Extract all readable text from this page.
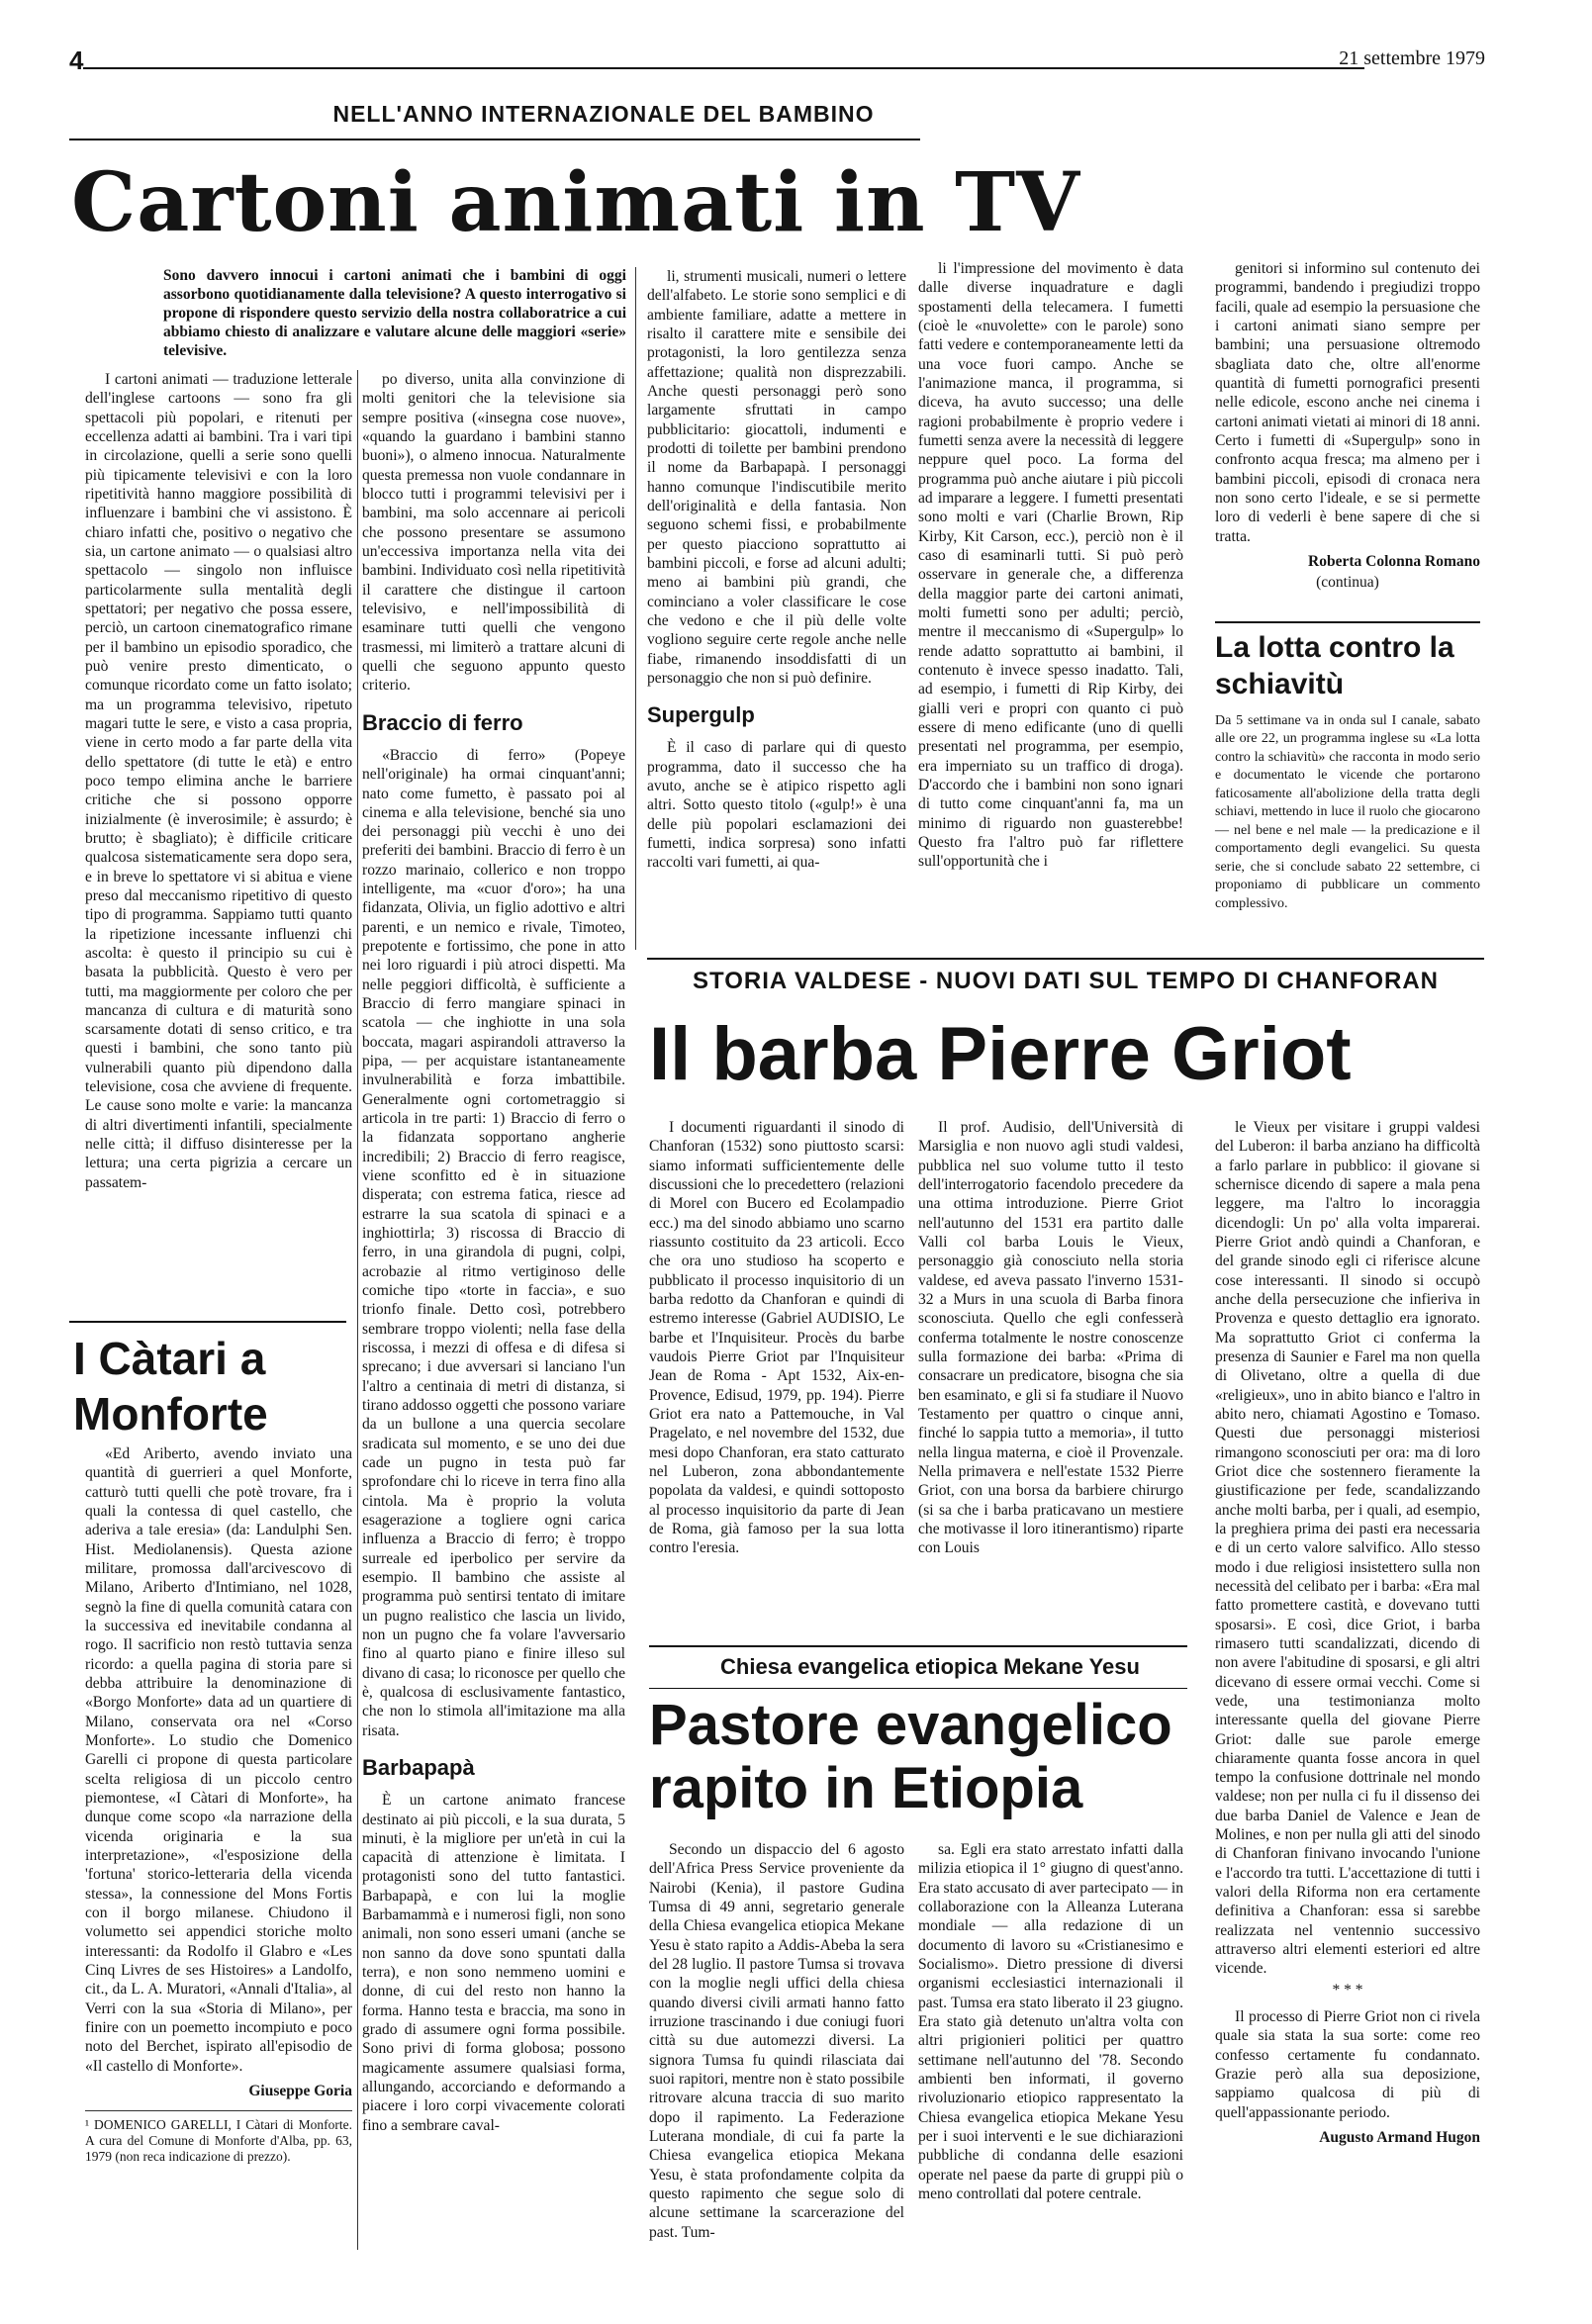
4	21 settembre 1979
NELL'ANNO INTERNAZIONALE DEL BAMBINO
Cartoni animati in TV
Sono davvero innocui i cartoni animati che i bambini di oggi assorbono quotidianamente dalla televisione? A questo interrogativo si propone di rispondere questo servizio della nostra collaboratrice a cui abbiamo chiesto di analizzare e valutare alcune delle maggiori «serie» televisive.

I cartoni animati — traduzione letterale dell'inglese cartoons — sono fra gli spettacoli più popolari, e ritenuti per eccellenza adatti ai bambini. Tra i vari tipi in circolazione, quelli a serie sono quelli più tipicamente televisivi e con la loro ripetitività hanno maggiore possibilità di influenzare i bambini che vi assistono. È chiaro infatti che, positivo o negativo che sia, un cartone animato — o qualsiasi altro spettacolo — singolo non influisce particolarmente sulla mentalità degli spettatori; per negativo che possa essere, perciò, un cartoon cinematografico rimane per il bambino un episodio sporadico, che può venire presto dimenticato, o comunque ricordato come un fatto isolato; ma un programma televisivo, ripetuto magari tutte le sere, e visto a casa propria, viene in certo modo a far parte della vita dello spettatore (di tutte le età) e entro poco tempo elimina anche le barriere critiche che si possono opporre inizialmente (è inverosimile; è assurdo; è brutto; è sbagliato); è difficile criticare qualcosa sistematicamente sera dopo sera, e in breve lo spettatore vi si abitua e viene preso dal meccanismo ripetitivo di questo tipo di programma. Sappiamo tutti quanto la ripetizione incessante influenzi chi ascolta: è questo il principio su cui è basata la pubblicità. Questo è vero per tutti, ma maggiormente per coloro che per mancanza di cultura e di maturità sono scarsamente dotati di senso critico, e tra questi i bambini, che sono tanto più vulnerabili quanto più dipendono dalla televisione, cosa che avviene di frequente. Le cause sono molte e varie: la mancanza di altri divertimenti infantili, specialmente nelle città; il diffuso disinteresse per la lettura; una certa pigrizia a cercare un passatem-

po diverso, unita alla convinzione di molti genitori che la televisione sia sempre positiva («insegna cose nuove», «quando la guardano i bambini stanno buoni»), o almeno innocua. Naturalmente questa premessa non vuole condannare in blocco tutti i programmi televisivi per i bambini, ma solo accennare ai pericoli che possono presentare se assumono un'eccessiva importanza nella vita dei bambini. Individuato così nella ripetitività il carattere che distingue il cartoon televisivo, e nell'impossibilità di esaminare tutti quelli che vengono trasmessi, mi limiterò a trattare alcuni di quelli che seguono appunto questo criterio.

Braccio di ferro

«Braccio di ferro» (Popeye nell'originale) ha ormai cinquant'anni; nato come fumetto, è passato poi al cinema e alla televisione, benché sia uno dei personaggi più vecchi è uno dei preferiti dei bambini. Braccio di ferro è un rozzo marinaio, collerico e non troppo intelligente, ma «cuor d'oro»; ha una fidanzata, Olivia, un figlio adottivo e altri parenti, e un nemico e rivale, Timoteo, prepotente e fortissimo, che pone in atto nei loro riguardi i più atroci dispetti. Ma nelle peggiori difficoltà, è sufficiente a Braccio di ferro mangiare spinaci in scatola — che inghiotte in una sola boccata, magari aspirandoli attraverso la pipa, — per acquistare istantaneamente invulnerabilità e forza imbattibile. Generalmente ogni cortometraggio si articola in tre parti: 1) Braccio di ferro o la fidanzata sopportano angherie incredibili; 2) Braccio di ferro reagisce, viene sconfitto ed è in situazione disperata; con estrema fatica, riesce ad estrarre la sua scatola di spinaci e a inghiottirla; 3) riscossa di Braccio di ferro, in una girandola di pugni, colpi, acrobazie al ritmo vertiginoso delle comiche tipo «torte in faccia», e suo trionfo finale. Detto così, potrebbero sembrare troppo violenti; nella fase della riscossa, i mezzi di offesa e di difesa si sprecano; i due avversari si lanciano l'un l'altro a centinaia di metri di distanza, si tirano addosso oggetti che possono variare da un bullone a una quercia secolare sradicata sul momento, e se uno dei due cade un pugno in testa può far sprofondare chi lo riceve in terra fino alla cintola. Ma è proprio la voluta esagerazione a togliere ogni carica influenza a Braccio di ferro; è troppo surreale ed iperbolico per servire da esempio. Il bambino che assiste al programma può sentirsi tentato di imitare un pugno realistico che lascia un livido, non un pugno che fa volare l'avversario fino al quarto piano e finire illeso sul divano di casa; lo riconosce per quello che è, qualcosa di esclusivamente fantastico, che non lo stimola all'imitazione ma alla risata.

Barbapapà

È un cartone animato francese destinato ai più piccoli, e la sua durata, 5 minuti, è la migliore per un'età in cui la capacità di attenzione è limitata. I protagonisti sono del tutto fantastici. Barbapapà, e con lui la moglie Barbamammà e i numerosi figli, non sono animali, non sono esseri umani (anche se non sanno da dove sono spuntati dalla terra), e non sono nemmeno uomini e donne, di cui del resto non hanno la forma. Hanno testa e braccia, ma sono in grado di assumere ogni forma possibile. Sono privi di forma globosa; possono magicamente assumere qualsiasi forma, allungando, accorciando e deformando a piacere i loro corpi vivacemente colorati fino a sembrare caval-

li, strumenti musicali, numeri o lettere dell'alfabeto. Le storie sono semplici e di ambiente familiare, adatte a mettere in risalto il carattere mite e sensibile dei protagonisti, la loro gentilezza senza affettazione; qualità non disprezzabili. Anche questi personaggi però sono largamente sfruttati in campo pubblicitario: giocattoli, indumenti e prodotti di toilette per bambini prendono il nome da Barbapapà. I personaggi hanno comunque l'indiscutibile merito dell'originalità e della fantasia. Non seguono schemi fissi, e probabilmente per questo piacciono soprattutto ai bambini piccoli, e forse ad alcuni adulti; meno ai bambini più grandi, che cominciano a voler classificare le cose che vedono e che il più delle volte vogliono seguire certe regole anche nelle fiabe, rimanendo insoddisfatti di un personaggio che non si può definire.

Supergulp

È il caso di parlare qui di questo programma, dato il successo che ha avuto, anche se è atipico rispetto agli altri. Sotto questo titolo («gulp!» è una delle più popolari esclamazioni dei fumetti, indica sorpresa) sono infatti raccolti vari fumetti, ai qua-

li l'impressione del movimento è data dalle diverse inquadrature e dagli spostamenti della telecamera. I fumetti (cioè le «nuvolette» con le parole) sono fatti vedere e contemporaneamente letti da una voce fuori campo. Anche se l'animazione manca, il programma, si diceva, ha avuto successo; una delle ragioni probabilmente è proprio vedere i fumetti senza avere la necessità di leggere neppure quel poco. La forma del programma può anche aiutare i più piccoli ad imparare a leggere. I fumetti presentati sono molti e vari (Charlie Brown, Rip Kirby, Kit Carson, ecc.), perciò non è il caso di esaminarli tutti. Si può però osservare in generale che, a differenza della maggior parte dei cartoni animati, molti fumetti sono per adulti; perciò, mentre il meccanismo di «Supergulp» lo rende adatto soprattutto ai bambini, il contenuto è invece spesso inadatto. Tali, ad esempio, i fumetti di Rip Kirby, dei gialli veri e propri con quanto ci può essere di meno edificante (uno di quelli presentati nel programma, per esempio, era imperniato su un traffico di droga). D'accordo che i bambini non sono ignari di tutto come cinquant'anni fa, ma un minimo di riguardo non guasterebbe! Questo fra l'altro può far riflettere sull'opportunità che i

genitori si informino sul contenuto dei programmi, bandendo i pregiudizi troppo facili, quale ad esempio la persuasione che i cartoni animati siano sempre per bambini; una persuasione oltremodo sbagliata dato che, oltre all'enorme quantità di fumetti pornografici presenti nelle edicole, escono anche nei cinema i cartoni animati vietati ai minori di 18 anni. Certo i fumetti di «Supergulp» sono in confronto acqua fresca; ma almeno per i bambini piccoli, episodi di cronaca nera non sono certo l'ideale, e se si permette loro di vederli è bene sapere di che si tratta.

Roberta Colonna Romano
(continua)
La lotta contro la schiavitù
Da 5 settimane va in onda sul I canale, sabato alle ore 22, un programma inglese su «La lotta contro la schiavitù» che racconta in modo serio e documentato le vicende che portarono faticosamente all'abolizione della tratta degli schiavi, mettendo in luce il ruolo che giocarono — nel bene e nel male — la predicazione e il comportamento degli evangelici. Su questa serie, che si conclude sabato 22 settembre, ci proponiamo di pubblicare un commento complessivo.
I Càtari a Monforte

«Ed Ariberto, avendo inviato una quantità di guerrieri a quel Monforte, catturò tutti quelli che potè trovare, fra i quali la contessa di quel castello, che aderiva a tale eresia» (da: Landulphi Sen. Hist. Mediolanensis). Questa azione militare, promossa dall'arcivescovo di Milano, Ariberto d'Intimiano, nel 1028, segnò la fine di quella comunità catara con la successiva ed inevitabile condanna al rogo. Il sacrificio non restò tuttavia senza ricordo: a quella pagina di storia pare si debba attribuire la denominazione di «Borgo Monforte» data ad un quartiere di Milano, conservata ora nel «Corso Monforte». Lo studio che Domenico Garelli ci propone di questa particolare scelta religiosa di un piccolo centro piemontese, «I Càtari di Monforte», ha dunque come scopo «la narrazione della vicenda originaria e la sua interpretazione», «l'esposizione della 'fortuna' storico-letteraria della vicenda stessa», la connessione del Mons Fortis con il borgo milanese. Chiudono il volumetto sei appendici storiche molto interessanti: da Rodolfo il Glabro e «Les Cinq Livres de ses Histoires» a Landolfo, cit., da L. A. Muratori, «Annali d'Italia», al Verri con la sua «Storia di Milano», per finire con un poemetto incompiuto e poco noto del Berchet, ispirato all'episodio de «Il castello di Monforte».

Giuseppe Goria
¹ DOMENICO GARELLI, I Càtari di Monforte. A cura del Comune di Monforte d'Alba, pp. 63, 1979 (non reca indicazione di prezzo).
STORIA VALDESE - NUOVI DATI SUL TEMPO DI CHANFORAN
Il barba Pierre Griot

I documenti riguardanti il sinodo di Chanforan (1532) sono piuttosto scarsi: siamo informati sufficientemente delle discussioni che lo precedettero (relazioni di Morel con Bucero ed Ecolampadio ecc.) ma del sinodo abbiamo uno scarno riassunto costituito da 23 articoli. Ecco che ora uno studioso ha scoperto e pubblicato il processo inquisitorio di un barba redotto da Chanforan e quindi di estremo interesse (Gabriel AUDISIO, Le barbe et l'Inquisiteur. Procès du barbe vaudois Pierre Griot par l'Inquisiteur Jean de Roma - Apt 1532, Aix-en-Provence, Edisud, 1979, pp. 194). Pierre Griot era nato a Pattemouche, in Val Pragelato, e nel novembre del 1532, due mesi dopo Chanforan, era stato catturato nel Luberon, zona abbondantemente popolata da valdesi, e quindi sottoposto al processo inquisitorio da parte di Jean de Roma, già famoso per la sua lotta contro l'eresia.

Il prof. Audisio, dell'Università di Marsiglia e non nuovo agli studi valdesi, pubblica nel suo volume tutto il testo dell'interrogatorio facendolo precedere da una ottima introduzione. Pierre Griot nell'autunno del 1531 era partito dalle Valli col barba Louis le Vieux, personaggio già conosciuto nella storia valdese, ed aveva passato l'inverno 1531-32 a Murs in una scuola di Barba finora sconosciuta. Quello che egli confesserà conferma totalmente le nostre conoscenze sulla formazione dei barba: «Prima di consacrare un predicatore, bisogna che sia ben esaminato, e gli si fa studiare il Nuovo Testamento per quattro o cinque anni, finché lo sappia tutto a memoria», il tutto nella lingua materna, e cioè il Provenzale. Nella primavera e nell'estate 1532 Pierre Griot, con una borsa da barbiere chirurgo (si sa che i barba praticavano un mestiere che motivasse il loro itinerantismo) riparte con Louis

le Vieux per visitare i gruppi valdesi del Luberon: il barba anziano ha difficoltà a farlo parlare in pubblico: il giovane si schernisce dicendo di sapere a mala pena leggere, ma l'altro lo incoraggia dicendogli: Un po' alla volta imparerai. Pierre Griot andò quindi a Chanforan, e del grande sinodo egli ci riferisce alcune cose interessanti. Il sinodo si occupò anche della persecuzione che infieriva in Provenza e questo dettaglio era ignorato. Ma soprattutto Griot ci conferma la presenza di Saunier e Farel ma non quella di Olivetano, oltre a quella di due «religieux», uno in abito bianco e l'altro in abito nero, chiamati Agostino e Tomaso. Questi due personaggi misteriosi rimangono sconosciuti per ora: ma di loro Griot dice che sostennero fieramente la giustificazione per fede, scandalizzando anche molti barba, per i quali, ad esempio, la preghiera prima dei pasti era necessaria e di un certo valore salvifico. Allo stesso modo i due religiosi insistettero sulla non necessità del celibato per i barba: «Era mal fatto promettere castità, e dovevano tutti sposarsi». E così, dice Griot, i barba rimasero tutti scandalizzati, dicendo di non avere l'abitudine di sposarsi, e gli altri dicevano di essere ormai vecchi. Come si vede, una testimonianza molto interessante quella del giovane Pierre Griot: dalle sue parole emerge chiaramente quanta fosse ancora in quel tempo la confusione dottrinale nel mondo valdese; non per nulla ci fu il dissenso dei due barba Daniel de Valence e Jean de Molines, e non per nulla gli atti del sinodo di Chanforan finivano invocando l'unione e l'accordo tra tutti. L'accettazione di tutti i valori della Riforma non era certamente definitiva a Chanforan: essa si sarebbe realizzata nel ventennio successivo attraverso altri elementi esteriori ed altre vicende.

* * *

Il processo di Pierre Griot non ci rivela quale sia stata la sua sorte: come reo confesso certamente fu condannato. Grazie però alla sua deposizione, sappiamo qualcosa di più di quell'appassionante periodo.

Augusto Armand Hugon
Chiesa evangelica etiopica Mekane Yesu
Pastore evangelico
rapito in Etiopia

Secondo un dispaccio del 6 agosto dell'Africa Press Service proveniente da Nairobi (Kenia), il pastore Gudina Tumsa di 49 anni, segretario generale della Chiesa evangelica etiopica Mekane Yesu è stato rapito a Addis-Abeba la sera del 28 luglio. Il pastore Tumsa si trovava con la moglie negli uffici della chiesa quando diversi civili armati hanno fatto irruzione trascinando i due coniugi fuori città su due automezzi diversi. La signora Tumsa fu quindi rilasciata dai suoi rapitori, mentre non è stato possibile ritrovare alcuna traccia di suo marito dopo il rapimento. La Federazione Luterana mondiale, di cui fa parte la Chiesa evangelica etiopica Mekana Yesu, è stata profondamente colpita da questo rapimento che segue solo di alcune settimane la scarcerazione del past. Tum-

sa. Egli era stato arrestato infatti dalla milizia etiopica il 1° giugno di quest'anno. Era stato accusato di aver partecipato — in collaborazione con la Alleanza Luterana mondiale — alla redazione di un documento di lavoro su «Cristianesimo e Socialismo». Dietro pressione di diversi organismi ecclesiastici internazionali il past. Tumsa era stato liberato il 23 giugno. Era stato già detenuto un'altra volta con altri prigionieri politici per quattro settimane nell'autunno del '78. Secondo ambienti ben informati, il governo rivoluzionario etiopico rappresentato la Chiesa evangelica etiopica Mekane Yesu per i suoi interventi e le sue dichiarazioni pubbliche di condanna delle esazioni operate nel paese da parte di gruppi più o meno controllati dal potere centrale.
